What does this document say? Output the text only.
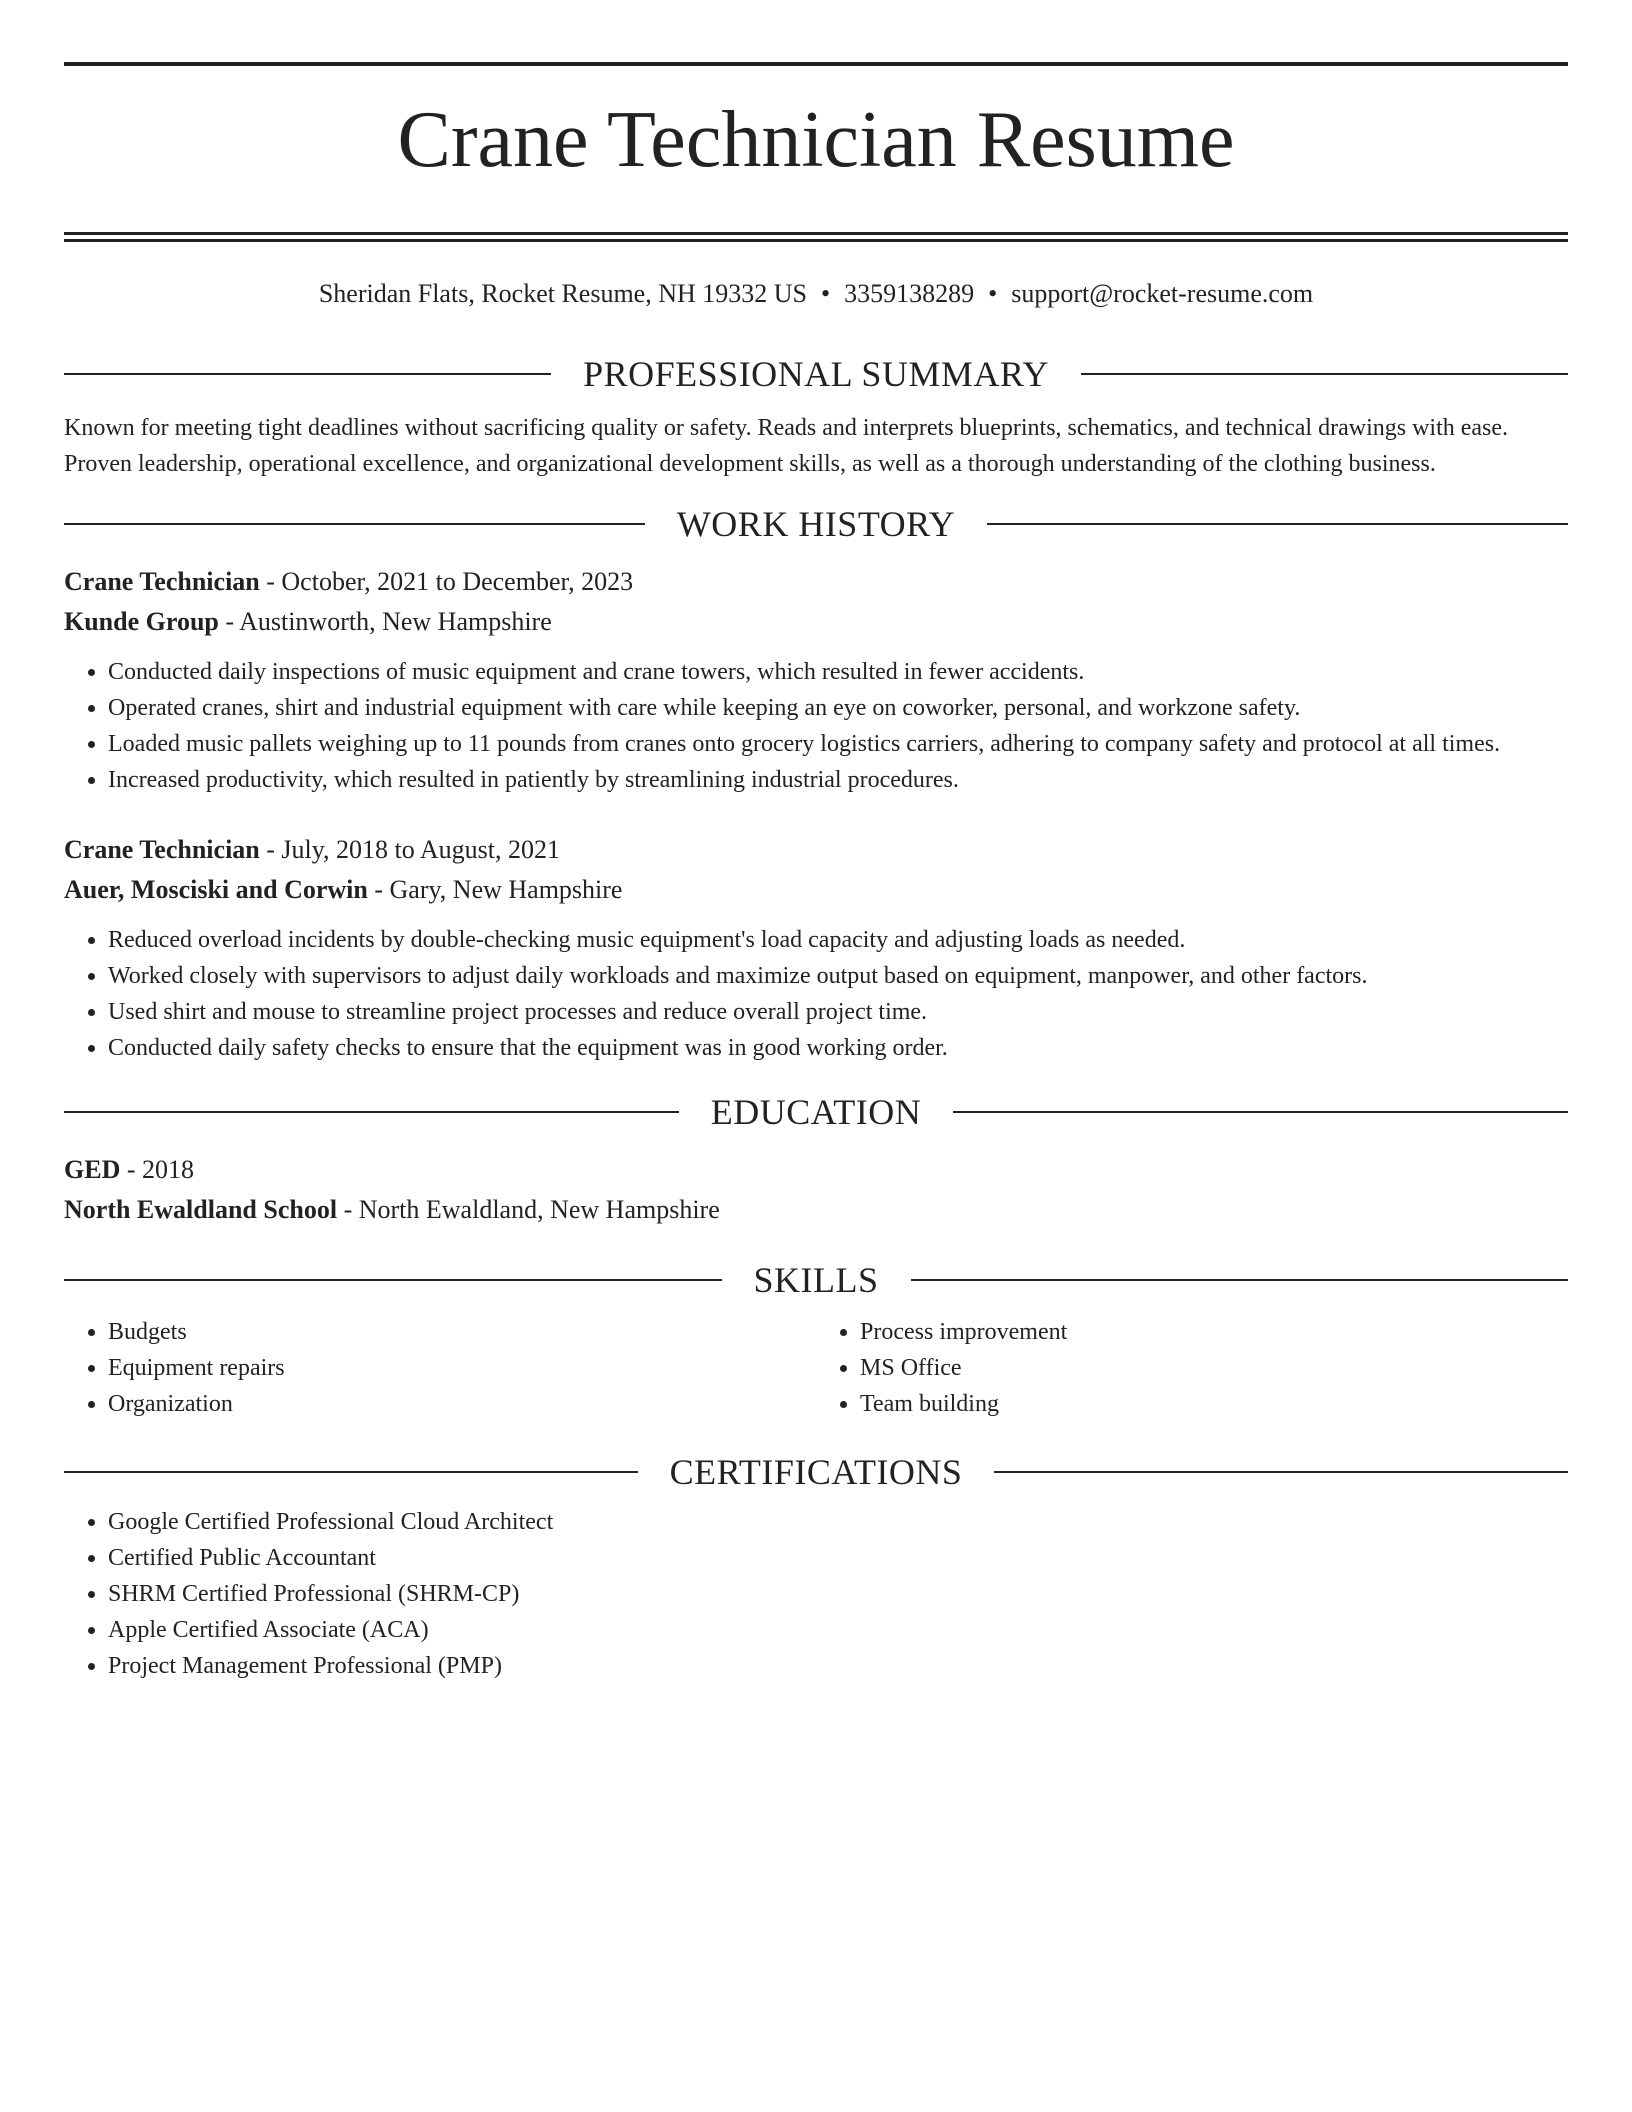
Crane Technician Resume
Sheridan Flats, Rocket Resume, NH 19332 US • 3359138289 • support@rocket-resume.com
PROFESSIONAL SUMMARY
Known for meeting tight deadlines without sacrificing quality or safety. Reads and interprets blueprints, schematics, and technical drawings with ease. Proven leadership, operational excellence, and organizational development skills, as well as a thorough understanding of the clothing business.
WORK HISTORY
Crane Technician - October, 2021 to December, 2023
Kunde Group - Austinworth, New Hampshire
• Conducted daily inspections of music equipment and crane towers, which resulted in fewer accidents.
• Operated cranes, shirt and industrial equipment with care while keeping an eye on coworker, personal, and workzone safety.
• Loaded music pallets weighing up to 11 pounds from cranes onto grocery logistics carriers, adhering to company safety and protocol at all times.
• Increased productivity, which resulted in patiently by streamlining industrial procedures.
Crane Technician - July, 2018 to August, 2021
Auer, Mosciski and Corwin - Gary, New Hampshire
• Reduced overload incidents by double-checking music equipment's load capacity and adjusting loads as needed.
• Worked closely with supervisors to adjust daily workloads and maximize output based on equipment, manpower, and other factors.
• Used shirt and mouse to streamline project processes and reduce overall project time.
• Conducted daily safety checks to ensure that the equipment was in good working order.
EDUCATION
GED - 2018
North Ewaldland School - North Ewaldland, New Hampshire
SKILLS
• Budgets
• Equipment repairs
• Organization
• Process improvement
• MS Office
• Team building
CERTIFICATIONS
• Google Certified Professional Cloud Architect
• Certified Public Accountant
• SHRM Certified Professional (SHRM-CP)
• Apple Certified Associate (ACA)
• Project Management Professional (PMP)
